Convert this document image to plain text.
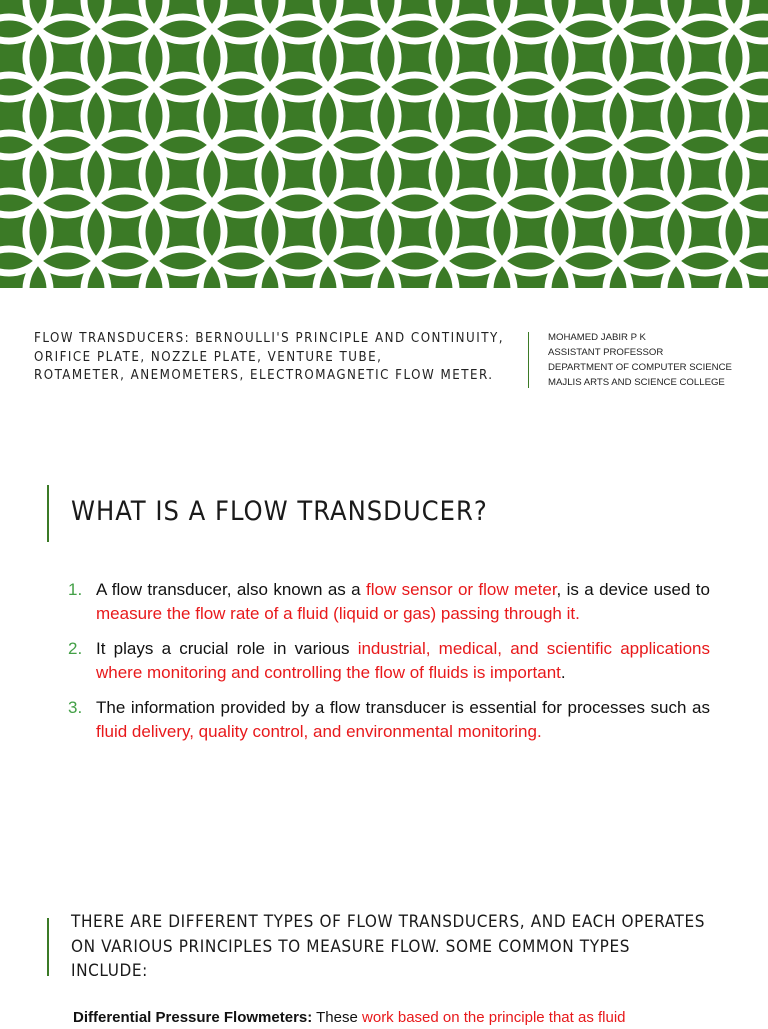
FLOW TRANSDUCERS: BERNOULLI'S PRINCIPLE AND CONTINUITY,
ORIFICE PLATE, NOZZLE PLATE, VENTURE TUBE,
ROTAMETER, ANEMOMETERS, ELECTROMAGNETIC FLOW METER.
MOHAMED JABIR P K
ASSISTANT PROFESSOR
DEPARTMENT OF COMPUTER SCIENCE
MAJLIS ARTS AND SCIENCE COLLEGE
WHAT IS A FLOW TRANSDUCER?
1. A flow transducer, also known as a flow sensor or flow meter, is a device used to measure the flow rate of a fluid (liquid or gas) passing through it.
2. It plays a crucial role in various industrial, medical, and scientific applications where monitoring and controlling the flow of fluids is important.
3. The information provided by a flow transducer is essential for processes such as fluid delivery, quality control, and environmental monitoring.
THERE ARE DIFFERENT TYPES OF FLOW TRANSDUCERS, AND EACH OPERATES ON VARIOUS PRINCIPLES TO MEASURE FLOW. SOME COMMON TYPES INCLUDE:
Differential Pressure Flowmeters: These work based on the principle that as fluid
